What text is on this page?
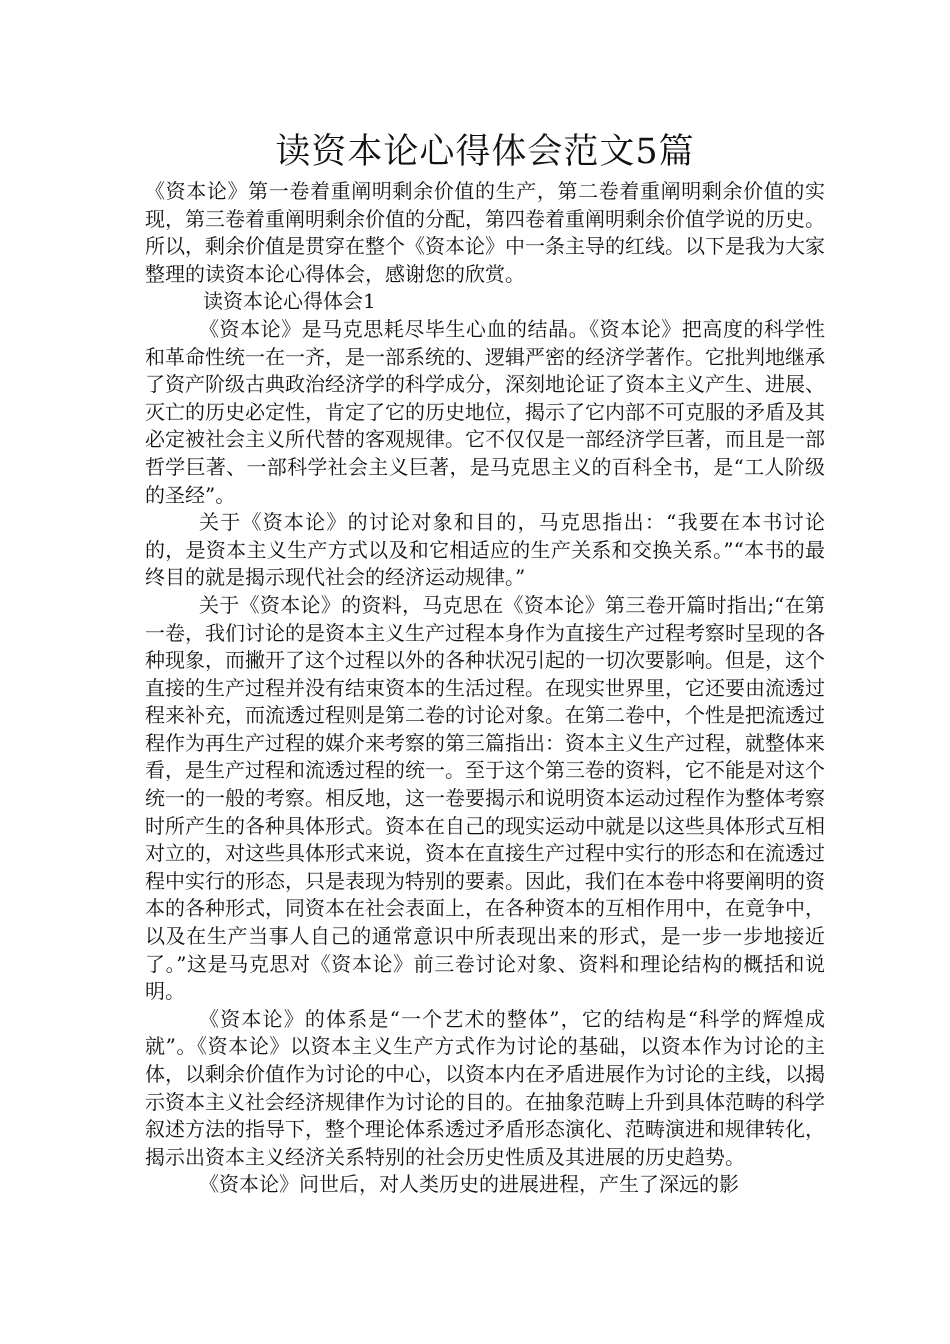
读资本论心得体会范文5篇

《资本论》第一卷着重阐明剩余价值的生产，第二卷着重阐明剩余价值的实现，第三卷着重阐明剩余价值的分配，第四卷着重阐明剩余价值学说的历史。所以，剩余价值是贯穿在整个《资本论》中一条主导的红线。以下是我为大家整理的读资本论心得体会，感谢您的欣赏。

读资本论心得体会1

《资本论》是马克思耗尽毕生心血的结晶。《资本论》把高度的科学性和革命性统一在一齐，是一部系统的、逻辑严密的经济学著作。它批判地继承了资产阶级古典政治经济学的科学成分，深刻地论证了资本主义产生、进展、灭亡的历史必定性，肯定了它的历史地位，揭示了它内部不可克服的矛盾及其必定被社会主义所代替的客观规律。它不仅仅是一部经济学巨著，而且是一部哲学巨著、一部科学社会主义巨著，是马克思主义的百科全书，是“工人阶级的圣经”。

关于《资本论》的讨论对象和目的，马克思指出：“我要在本书讨论的，是资本主义生产方式以及和它相适应的生产关系和交换关系。”“本书的最终目的就是揭示现代社会的经济运动规律。”

关于《资本论》的资料，马克思在《资本论》第三卷开篇时指出;“在第一卷，我们讨论的是资本主义生产过程本身作为直接生产过程考察时呈现的各种现象，而撇开了这个过程以外的各种状况引起的一切次要影响。但是，这个直接的生产过程并没有结束资本的生活过程。在现实世界里，它还要由流透过程来补充，而流透过程则是第二卷的讨论对象。在第二卷中，个性是把流透过程作为再生产过程的媒介来考察的第三篇指出：资本主义生产过程，就整体来看，是生产过程和流透过程的统一。至于这个第三卷的资料，它不能是对这个统一的一般的考察。相反地，这一卷要揭示和说明资本运动过程作为整体考察时所产生的各种具体形式。资本在自己的现实运动中就是以这些具体形式互相对立的，对这些具体形式来说，资本在直接生产过程中实行的形态和在流透过程中实行的形态，只是表现为特别的要素。因此，我们在本卷中将要阐明的资本的各种形式，同资本在社会表面上，在各种资本的互相作用中，在竟争中，以及在生产当事人自己的通常意识中所表现出来的形式，是一步一步地接近了。”这是马克思对《资本论》前三卷讨论对象、资料和理论结构的概括和说明。

《资本论》的体系是“一个艺术的整体”，它的结构是“科学的辉煌成就”。《资本论》以资本主义生产方式作为讨论的基础，以资本作为讨论的主体，以剩余价值作为讨论的中心，以资本内在矛盾进展作为讨论的主线，以揭示资本主义社会经济规律作为讨论的目的。在抽象范畴上升到具体范畴的科学叙述方法的指导下，整个理论体系透过矛盾形态演化、范畴演进和规律转化，揭示出资本主义经济关系特别的社会历史性质及其进展的历史趋势。

《资本论》问世后，对人类历史的进展进程，产生了深远的影
